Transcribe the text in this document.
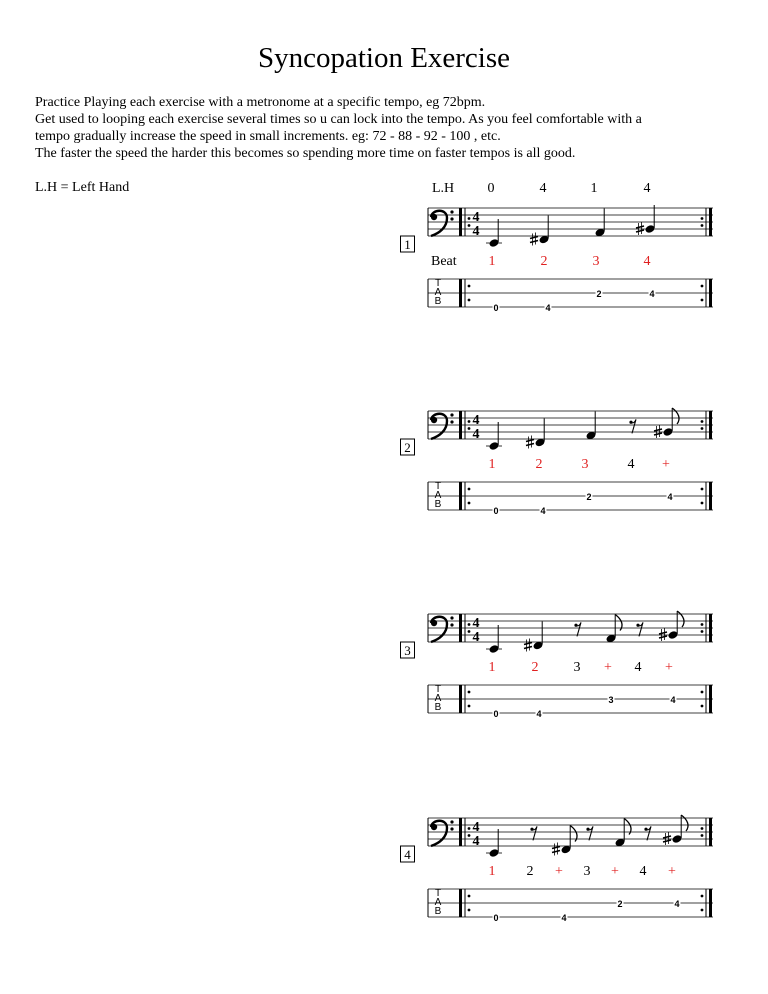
Syncopation Exercise
Practice Playing each exercise with a metronome at a specific tempo, eg 72bpm.
Get used to looping each exercise several times so u can lock into the tempo. As you feel comfortable with a
tempo gradually increase the speed in small increments. eg: 72 - 88 - 92 - 100 , etc.
The faster the speed the harder this becomes so spending more time on faster tempos is all good.
L.H = Left Hand
1
4
4
L.H 0	4	1	4
Beat 1	2	3	4
T
A
B
0	4
2	4
2
4
4
1	2	3	4 +
T
A
B
0	4
2	4
3
4
4
1	2	3 + 4 +
T
A
B
0	4
3	4
4
4
4
1 2 + 3 + 4 +
T
A
B
0	4
2	4
